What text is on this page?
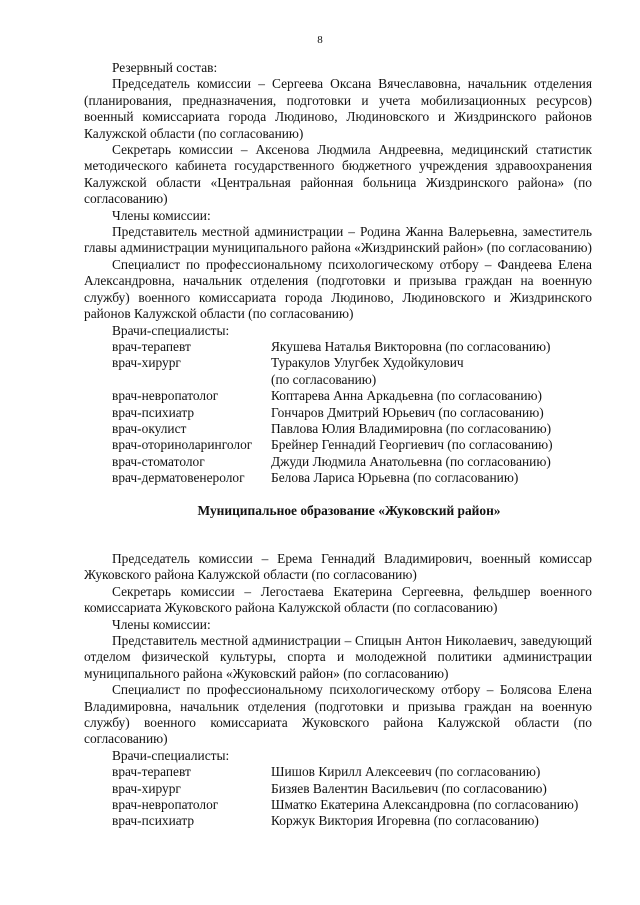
8

Резервный состав:

Председатель комиссии – Сергеева Оксана Вячеславовна, начальник отделения (планирования, предназначения, подготовки и учета мобилизационных ресурсов) военный комиссариата города Людиново, Людиновского и Жиздринского районов Калужской области (по согласованию)

Секретарь комиссии – Аксенова Людмила Андреевна, медицинский статистик методического кабинета государственного бюджетного учреждения здравоохранения Калужской области «Центральная районная больница Жиздринского района» (по согласованию)

Члены комиссии:

Представитель местной администрации – Родина Жанна Валерьевна, заместитель главы администрации муниципального района «Жиздринский район» (по согласованию)

Специалист по профессиональному психологическому отбору – Фандеева Елена Александровна, начальник отделения (подготовки и призыва граждан на военную службу) военного комиссариата города Людиново, Людиновского и Жиздринского районов Калужской области (по согласованию)

Врачи-специалисты:

врач-терапевт	Якушева Наталья Викторовна (по согласованию)
врач-хирург	Туракулов Улугбек Худойкулович
(по согласованию)
врач-невропатолог	Коптарева Анна Аркадьевна (по согласованию)
врач-психиатр	Гончаров Дмитрий Юрьевич (по согласованию)
врач-окулист	Павлова Юлия Владимировна (по согласованию)
врач-оториноларинголог	Брейнер Геннадий Георгиевич (по согласованию)
врач-стоматолог	Джуди Людмила Анатольевна (по согласованию)
врач-дерматовенеролог	Белова Лариса Юрьевна (по согласованию)

Муниципальное образование «Жуковский район»

Председатель комиссии – Ерема Геннадий Владимирович, военный комиссар Жуковского района Калужской области (по согласованию)

Секретарь комиссии – Легостаева Екатерина Сергеевна, фельдшер военного комиссариата Жуковского района Калужской области (по согласованию)

Члены комиссии:

Представитель местной администрации – Спицын Антон Николаевич, заведующий отделом физической культуры, спорта и молодежной политики администрации муниципального района «Жуковский район» (по согласованию)

Специалист по профессиональному психологическому отбору – Болясова Елена Владимировна, начальник отделения (подготовки и призыва граждан на военную службу) военного комиссариата Жуковского района Калужской области (по согласованию)

Врачи-специалисты:

врач-терапевт	Шишов Кирилл Алексеевич (по согласованию)
врач-хирург	Бизяев Валентин Васильевич (по согласованию)
врач-невропатолог	Шматко Екатерина Александровна (по согласованию)
врач-психиатр	Коржук Виктория Игоревна (по согласованию)
